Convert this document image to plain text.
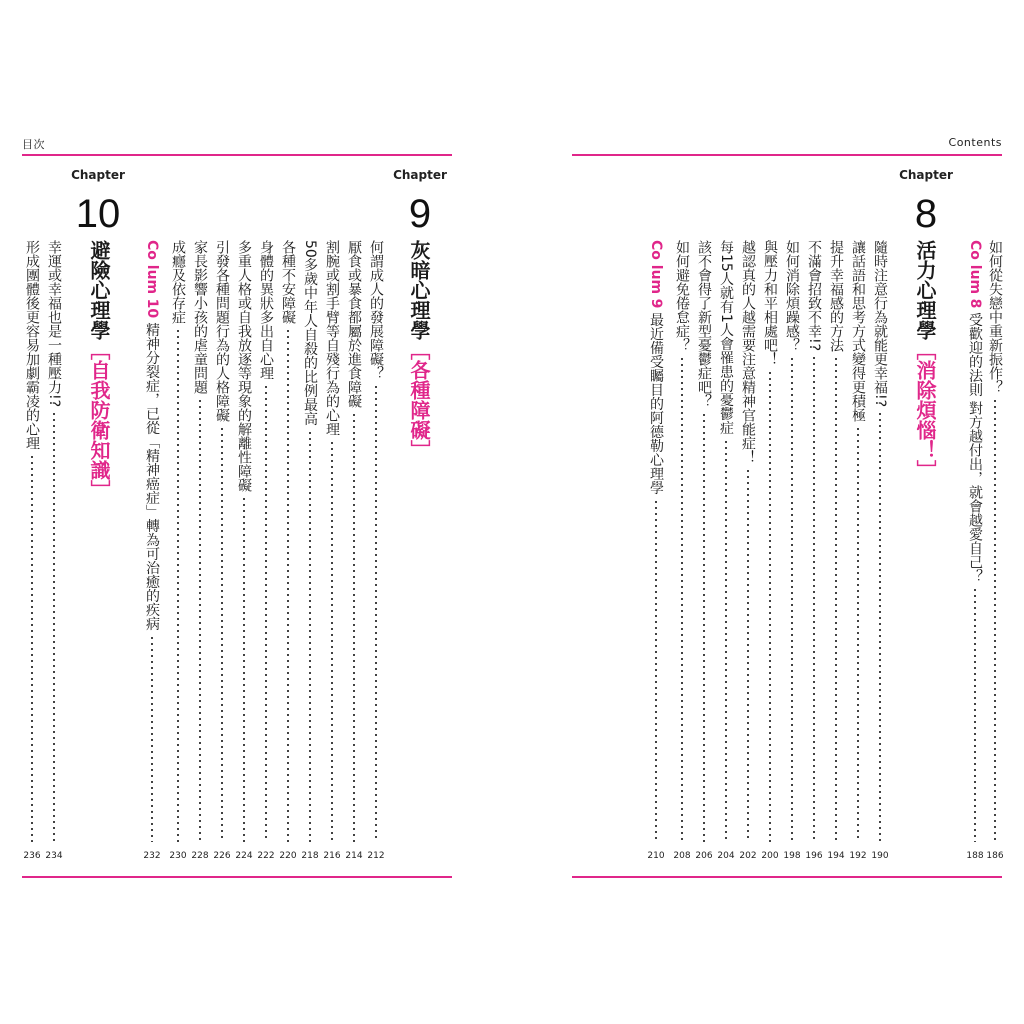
目次	Contents
Chapter
8
Chapter
9
Chapter
10
如何從失戀中重新振作？
186
Co lum 8 受歡迎的法則 對方越付出，就會越愛自己？
188
活力心理學［消除煩惱！］
隨時注意行為就能更幸福!?
190
讓話語和思考方式變得更積極
192
提升幸福感的方法
194
不滿會招致不幸!?
196
如何消除煩躁感？
198
與壓力和平相處吧！
200
越認真的人越需要注意精神官能症！
202
每15人就有1人會罹患的憂鬱症
204
該不會得了新型憂鬱症吧？
206
如何避免倦怠症？
208
Co lum 9 最近備受矚目的阿德勒心理學
210
灰暗心理學［各種障礙］
何謂成人的發展障礙？
212
厭食或暴食都屬於進食障礙
214
割腕或割手臂等自殘行為的心理
216
50多歲中年人自殺的比例最高
218
各種不安障礙
220
身體的異狀多出自心理
222
多重人格或自我放逐等現象的解離性障礙
224
引發各種問題行為的人格障礙
226
家長影響小孩的虐童問題
228
成癮及依存症
230
Co lum 10 精神分裂症，已從「精神癌症」轉為可治癒的疾病
232
避險心理學［自我防衛知識］
幸運或幸福也是一種壓力!?
234
形成團體後更容易加劇霸凌的心理
236
